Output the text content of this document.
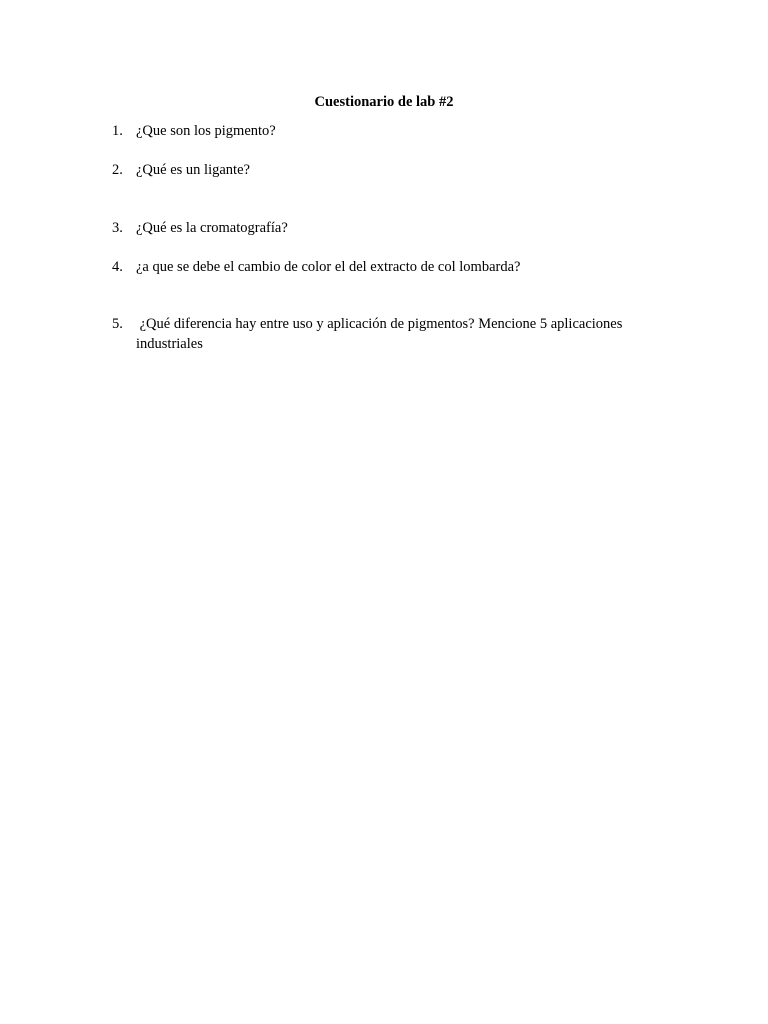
Cuestionario de lab #2
1. ¿Que son los pigmento?
2. ¿Qué es un ligante?
3. ¿Qué es la cromatografía?
4. ¿a que se debe el cambio de color el del extracto de col lombarda?
5. ¿Qué diferencia hay entre uso y aplicación de pigmentos? Mencione 5 aplicaciones industriales
